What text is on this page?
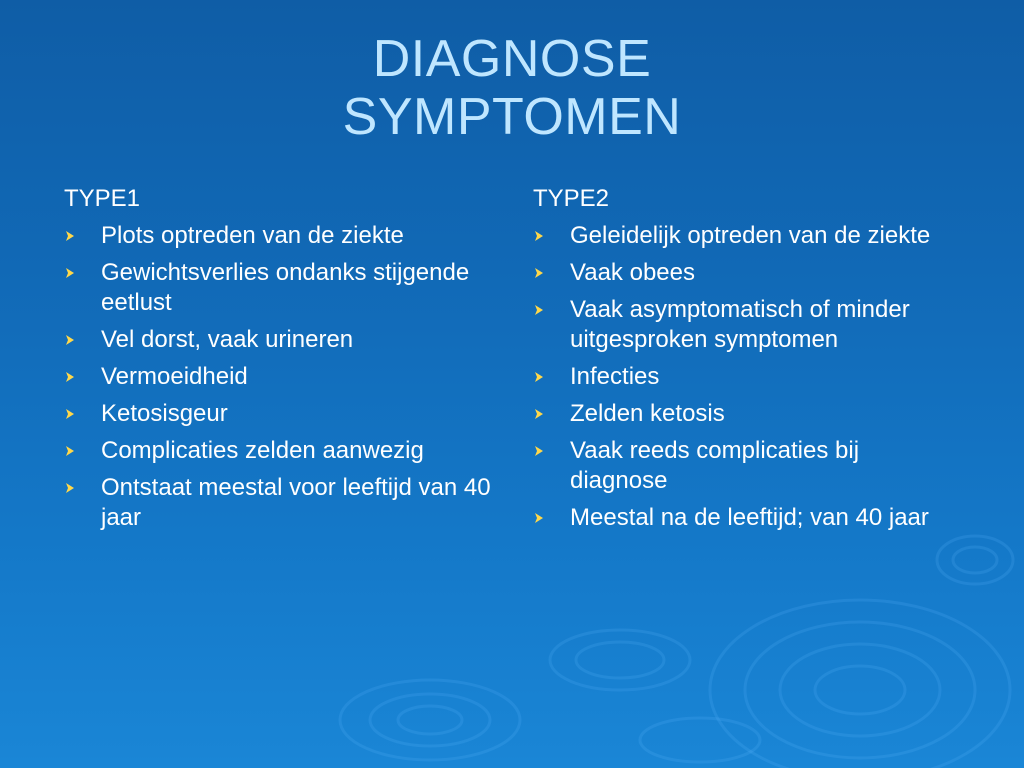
DIAGNOSE
SYMPTOMEN
TYPE1
Plots optreden van de ziekte
Gewichtsverlies ondanks stijgende eetlust
Vel dorst, vaak urineren
Vermoeidheid
Ketosisgeur
Complicaties zelden aanwezig
Ontstaat meestal voor leeftijd van 40 jaar
TYPE2
Geleidelijk optreden van de ziekte
Vaak obees
Vaak asymptomatisch of minder uitgesproken symptomen
Infecties
Zelden ketosis
Vaak reeds complicaties bij diagnose
Meestal na de leeftijd; van 40 jaar
